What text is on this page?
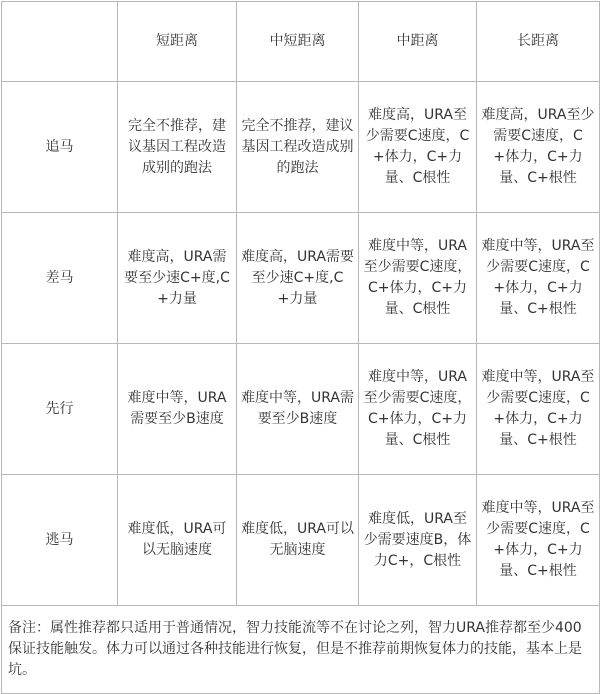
	短距离	中短距离	中距离	长距离
追马	完全不推荐，建议基因工程改造成别的跑法	完全不推荐，建议基因工程改造成别的跑法	难度高，URA至少需要C速度，C+体力，C+力量、C根性	难度高，URA至少需要C速度，C+体力，C+力量、C+根性
差马	难度高，URA需要至少速C+度,C+力量	难度高，URA需要至少速C+度,C+力量	难度中等，URA至少需要C速度，C+体力，C+力量、C根性	难度中等，URA至少需要C速度，C+体力，C+力量、C+根性
先行	难度中等，URA需要至少B速度	难度中等，URA需要至少B速度	难度中等，URA至少需要C速度，C+体力，C+力量、C根性	难度中等，URA至少需要C速度，C+体力，C+力量、C+根性
逃马	难度低，URA可以无脑速度	难度低，URA可以无脑速度	难度低，URA至少需要速度B，体力C+，C根性	难度中等，URA至少需要C速度，C+体力，C+力量、C+根性
备注：属性推荐都只适用于普通情况，智力技能流等不在讨论之列，智力URA推荐都至少400保证技能触发。体力可以通过各种技能进行恢复，但是不推荐前期恢复体力的技能，基本上是坑。				
